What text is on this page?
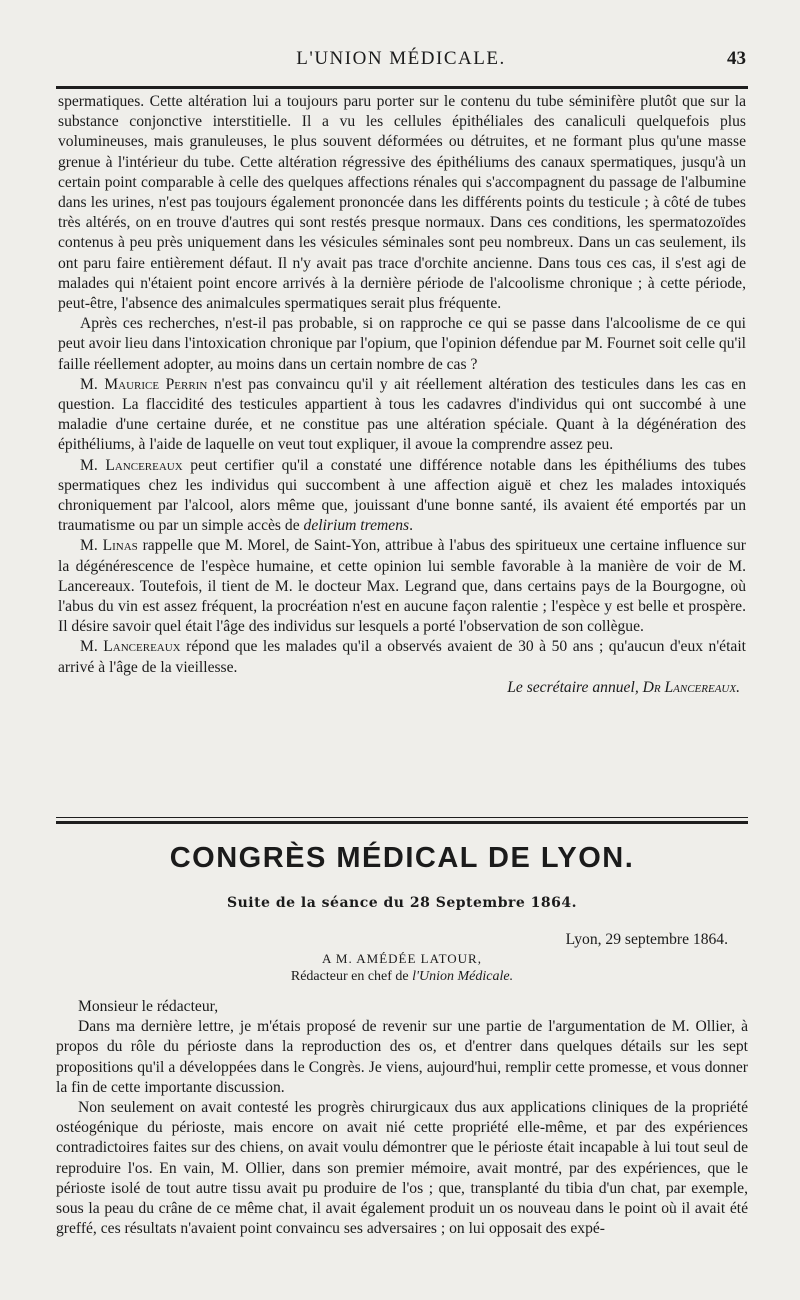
L'UNION MÉDICALE.	43

spermatiques. Cette altération lui a toujours paru porter sur le contenu du tube séminifère plutôt que sur la substance conjonctive interstitielle. Il a vu les cellules épithéliales des canaliculi quelquefois plus volumineuses, mais granuleuses, le plus souvent déformées ou détruites, et ne formant plus qu'une masse grenue à l'intérieur du tube. Cette altération régressive des épithéliums des canaux spermatiques, jusqu'à un certain point comparable à celle des quelques affections rénales qui s'accompagnent du passage de l'albumine dans les urines, n'est pas toujours également prononcée dans les différents points du testicule ; à côté de tubes très altérés, on en trouve d'autres qui sont restés presque normaux. Dans ces conditions, les spermatozoïdes contenus à peu près uniquement dans les vésicules séminales sont peu nombreux. Dans un cas seulement, ils ont paru faire entièrement défaut. Il n'y avait pas trace d'orchite ancienne. Dans tous ces cas, il s'est agi de malades qui n'étaient point encore arrivés à la dernière période de l'alcoolisme chronique ; à cette période, peut-être, l'absence des animalcules spermatiques serait plus fréquente.

Après ces recherches, n'est-il pas probable, si on rapproche ce qui se passe dans l'alcoolisme de ce qui peut avoir lieu dans l'intoxication chronique par l'opium, que l'opinion défendue par M. Fournet soit celle qu'il faille réellement adopter, au moins dans un certain nombre de cas ?

M. Maurice Perrin n'est pas convaincu qu'il y ait réellement altération des testicules dans les cas en question. La flaccidité des testicules appartient à tous les cadavres d'individus qui ont succombé à une maladie d'une certaine durée, et ne constitue pas une altération spéciale. Quant à la dégénération des épithéliums, à l'aide de laquelle on veut tout expliquer, il avoue la comprendre assez peu.

M. Lancereaux peut certifier qu'il a constaté une différence notable dans les épithéliums des tubes spermatiques chez les individus qui succombent à une affection aiguë et chez les malades intoxiqués chroniquement par l'alcool, alors même que, jouissant d'une bonne santé, ils avaient été emportés par un traumatisme ou par un simple accès de delirium tremens.

M. Linas rappelle que M. Morel, de Saint-Yon, attribue à l'abus des spiritueux une certaine influence sur la dégénérescence de l'espèce humaine, et cette opinion lui semble favorable à la manière de voir de M. Lancereaux. Toutefois, il tient de M. le docteur Max. Legrand que, dans certains pays de la Bourgogne, où l'abus du vin est assez fréquent, la procréation n'est en aucune façon ralentie ; l'espèce y est belle et prospère. Il désire savoir quel était l'âge des individus sur lesquels a porté l'observation de son collègue.

M. Lancereaux répond que les malades qu'il a observés avaient de 30 à 50 ans ; qu'aucun d'eux n'était arrivé à l'âge de la vieillesse.

Le secrétaire annuel, Dr Lancereaux.

CONGRÈS MÉDICAL DE LYON.
Suite de la séance du 28 Septembre 1864.
Lyon, 29 septembre 1864.
A M. AMÉDÉE LATOUR,
Rédacteur en chef de l'Union Médicale.

Monsieur le rédacteur,

Dans ma dernière lettre, je m'étais proposé de revenir sur une partie de l'argumentation de M. Ollier, à propos du rôle du périoste dans la reproduction des os, et d'entrer dans quelques détails sur les sept propositions qu'il a développées dans le Congrès. Je viens, aujourd'hui, remplir cette promesse, et vous donner la fin de cette importante discussion.

Non seulement on avait contesté les progrès chirurgicaux dus aux applications cliniques de la propriété ostéogénique du périoste, mais encore on avait nié cette propriété elle-même, et par des expériences contradictoires faites sur des chiens, on avait voulu démontrer que le périoste était incapable à lui tout seul de reproduire l'os. En vain, M. Ollier, dans son premier mémoire, avait montré, par des expériences, que le périoste isolé de tout autre tissu avait pu produire de l'os ; que, transplanté du tibia d'un chat, par exemple, sous la peau du crâne de ce même chat, il avait également produit un os nouveau dans le point où il avait été greffé, ces résultats n'avaient point convaincu ses adversaires ; on lui opposait des expé-
